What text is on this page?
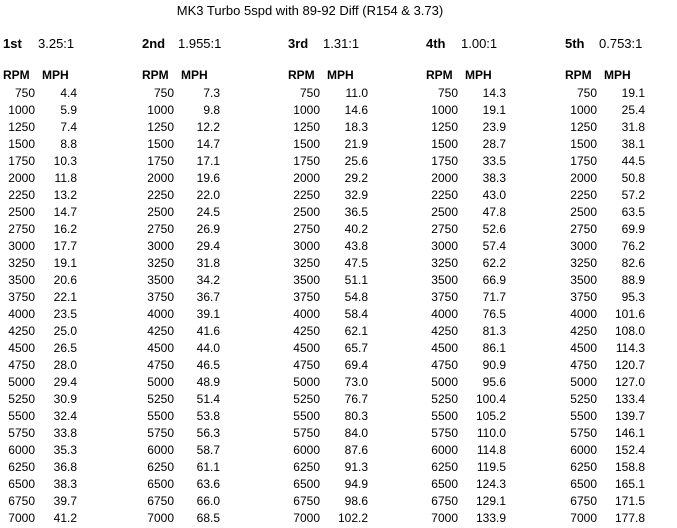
MK3 Turbo 5spd with 89-92 Diff (R154 & 3.73)
1st 3.25:1
RPM MPH
750	4.4
1000	5.9
1250	7.4
1500	8.8
1750	10.3
2000	11.8
2250	13.2
2500	14.7
2750	16.2
3000	17.7
3250	19.1
3500	20.6
3750	22.1
4000	23.5
4250	25.0
4500	26.5
4750	28.0
5000	29.4
5250	30.9
5500	32.4
5750	33.8
6000	35.3
6250	36.8
6500	38.3
6750	39.7
7000	41.2
2nd 1.955:1
RPM MPH
750	7.3
1000	9.8
1250	12.2
1500	14.7
1750	17.1
2000	19.6
2250	22.0
2500	24.5
2750	26.9
3000	29.4
3250	31.8
3500	34.2
3750	36.7
4000	39.1
4250	41.6
4500	44.0
4750	46.5
5000	48.9
5250	51.4
5500	53.8
5750	56.3
6000	58.7
6250	61.1
6500	63.6
6750	66.0
7000	68.5
3rd 1.31:1
RPM MPH
750	11.0
1000	14.6
1250	18.3
1500	21.9
1750	25.6
2000	29.2
2250	32.9
2500	36.5
2750	40.2
3000	43.8
3250	47.5
3500	51.1
3750	54.8
4000	58.4
4250	62.1
4500	65.7
4750	69.4
5000	73.0
5250	76.7
5500	80.3
5750	84.0
6000	87.6
6250	91.3
6500	94.9
6750	98.6
7000	102.2
4th 1.00:1
RPM MPH
750	14.3
1000	19.1
1250	23.9
1500	28.7
1750	33.5
2000	38.3
2250	43.0
2500	47.8
2750	52.6
3000	57.4
3250	62.2
3500	66.9
3750	71.7
4000	76.5
4250	81.3
4500	86.1
4750	90.9
5000	95.6
5250	100.4
5500	105.2
5750	110.0
6000	114.8
6250	119.5
6500	124.3
6750	129.1
7000	133.9
5th 0.753:1
RPM MPH
750	19.1
1000	25.4
1250	31.8
1500	38.1
1750	44.5
2000	50.8
2250	57.2
2500	63.5
2750	69.9
3000	76.2
3250	82.6
3500	88.9
3750	95.3
4000	101.6
4250	108.0
4500	114.3
4750	120.7
5000	127.0
5250	133.4
5500	139.7
5750	146.1
6000	152.4
6250	158.8
6500	165.1
6750	171.5
7000	177.8
